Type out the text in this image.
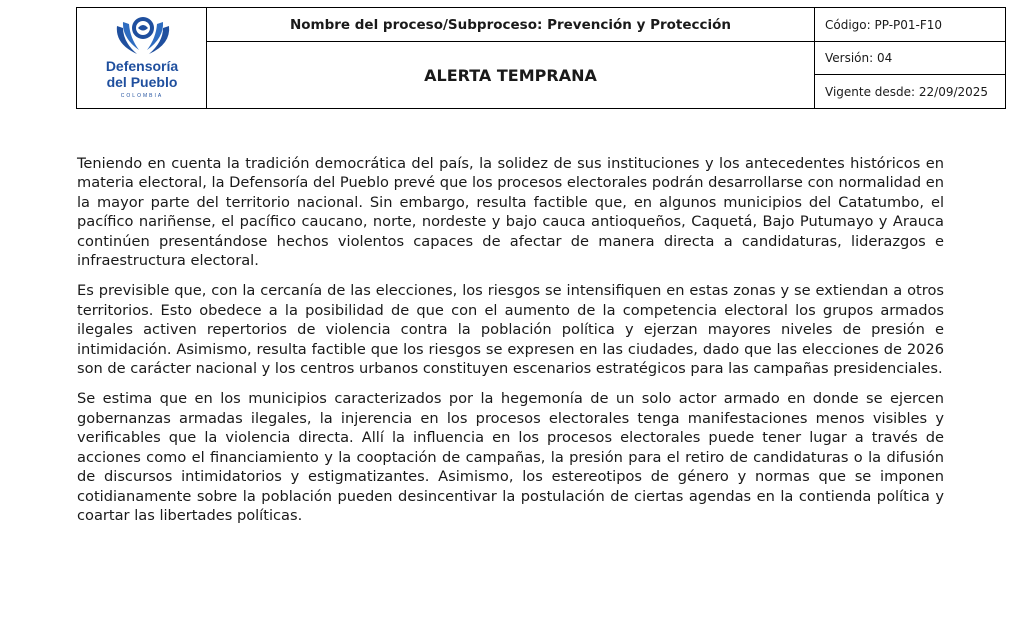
Defensoría
del Pueblo
COLOMBIA
Nombre del proceso/Subproceso: Prevención y Protección
ALERTA TEMPRANA
Código: PP-P01-F10
Versión: 04
Vigente desde: 22/09/2025

Teniendo en cuenta la tradición democrática del país, la solidez de sus instituciones y los antecedentes históricos en materia electoral, la Defensoría del Pueblo prevé que los procesos electorales podrán desarrollarse con normalidad en la mayor parte del territorio nacional. Sin embargo, resulta factible que, en algunos municipios del Catatumbo, el pacífico nariñense, el pacífico caucano, norte, nordeste y bajo cauca antioqueños, Caquetá, Bajo Putumayo y Arauca continúen presentándose hechos violentos capaces de afectar de manera directa a candidaturas, liderazgos e infraestructura electoral.

Es previsible que, con la cercanía de las elecciones, los riesgos se intensifiquen en estas zonas y se extiendan a otros territorios. Esto obedece a la posibilidad de que con el aumento de la competencia electoral los grupos armados ilegales activen repertorios de violencia contra la población política y ejerzan mayores niveles de presión e intimidación. Asimismo, resulta factible que los riesgos se expresen en las ciudades, dado que las elecciones de 2026 son de carácter nacional y los centros urbanos constituyen escenarios estratégicos para las campañas presidenciales.

Se estima que en los municipios caracterizados por la hegemonía de un solo actor armado en donde se ejercen gobernanzas armadas ilegales, la injerencia en los procesos electorales tenga manifestaciones menos visibles y verificables que la violencia directa. Allí la influencia en los procesos electorales puede tener lugar a través de acciones como el financiamiento y la cooptación de campañas, la presión para el retiro de candidaturas o la difusión de discursos intimidatorios y estigmatizantes. Asimismo, los estereotipos de género y normas que se imponen cotidianamente sobre la población pueden desincentivar la postulación de ciertas agendas en la contienda política y coartar las libertades políticas.
